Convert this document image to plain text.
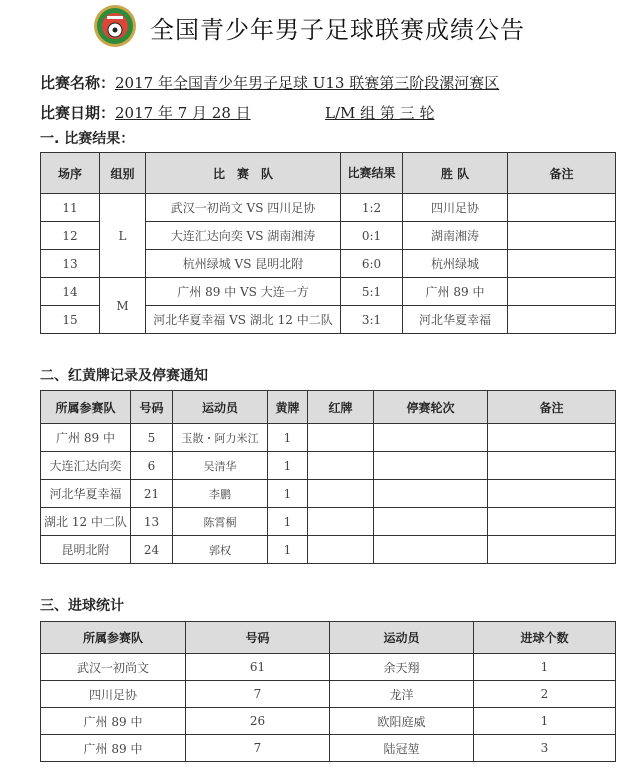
全国青少年男子足球联赛成绩公告
比赛名称：2017 年全国青少年男子足球 U13 联赛第三阶段漯河赛区
比赛日期：2017 年 7 月 28 日	L/M 组 第 三 轮
一. 比赛结果：
场序	组别	比　赛　队	比赛结果	胜 队	备注
11	L	武汉一初尚文 VS 四川足协	1:2	四川足协	
12		大连汇达向奕 VS 湖南湘涛	0:1	湖南湘涛	
13		杭州绿城 VS 昆明北附	6:0	杭州绿城	
14	M	广州 89 中 VS 大连一方	5:1	广州 89 中	
15		河北华夏幸福 VS 湖北 12 中二队	3:1	河北华夏幸福	
二、红黄牌记录及停赛通知
所属参赛队	号码	运动员	黄牌	红牌	停赛轮次	备注
广州 89 中	5	玉散・阿力米江	1			
大连汇达向奕	6	吴清华	1			
河北华夏幸福	21	李鹏	1			
湖北 12 中二队	13	陈霄桐	1			
昆明北附	24	郭权	1			
三、进球统计
所属参赛队	号码	运动员	进球个数
武汉一初尚文	61	余天翔	1
四川足协	7	龙洋	2
广州 89 中	26	欧阳庭威	1
广州 89 中	7	陆冠堃	3
